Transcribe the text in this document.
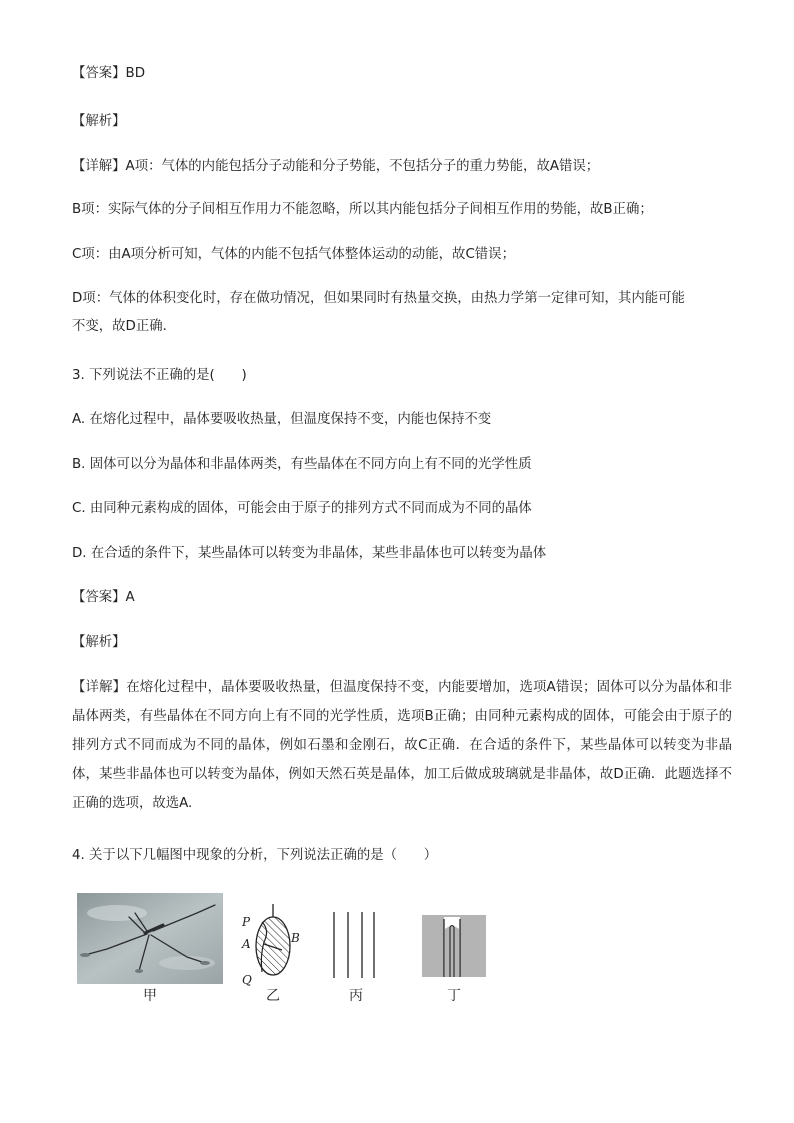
【答案】BD
【解析】
【详解】A项：气体的内能包括分子动能和分子势能，不包括分子的重力势能，故A错误；
B项：实际气体的分子间相互作用力不能忽略，所以其内能包括分子间相互作用的势能，故B正确；
C项：由A项分析可知，气体的内能不包括气体整体运动的动能，故C错误；
D项：气体的体积变化时，存在做功情况，但如果同时有热量交换，由热力学第一定律可知，其内能可能
不变，故D正确．
3. 下列说法不正确的是(　　)
A. 在熔化过程中，晶体要吸收热量，但温度保持不变，内能也保持不变
B. 固体可以分为晶体和非晶体两类，有些晶体在不同方向上有不同的光学性质
C. 由同种元素构成的固体，可能会由于原子的排列方式不同而成为不同的晶体
D. 在合适的条件下，某些晶体可以转变为非晶体，某些非晶体也可以转变为晶体
【答案】A
【解析】
【详解】在熔化过程中，晶体要吸收热量，但温度保持不变，内能要增加，选项A错误；固体可以分为晶体和非晶体两类，有些晶体在不同方向上有不同的光学性质，选项B正确；由同种元素构成的固体，可能会由于原子的排列方式不同而成为不同的晶体，例如石墨和金刚石，故C正确．在合适的条件下，某些晶体可以转变为非晶体，某些非晶体也可以转变为晶体，例如天然石英是晶体，加工后做成玻璃就是非晶体，故D正确．此题选择不正确的选项，故选A.
4. 关于以下几幅图中现象的分析，下列说法正确的是（　　）
甲
P
A	B
Q
乙	丙	丁
